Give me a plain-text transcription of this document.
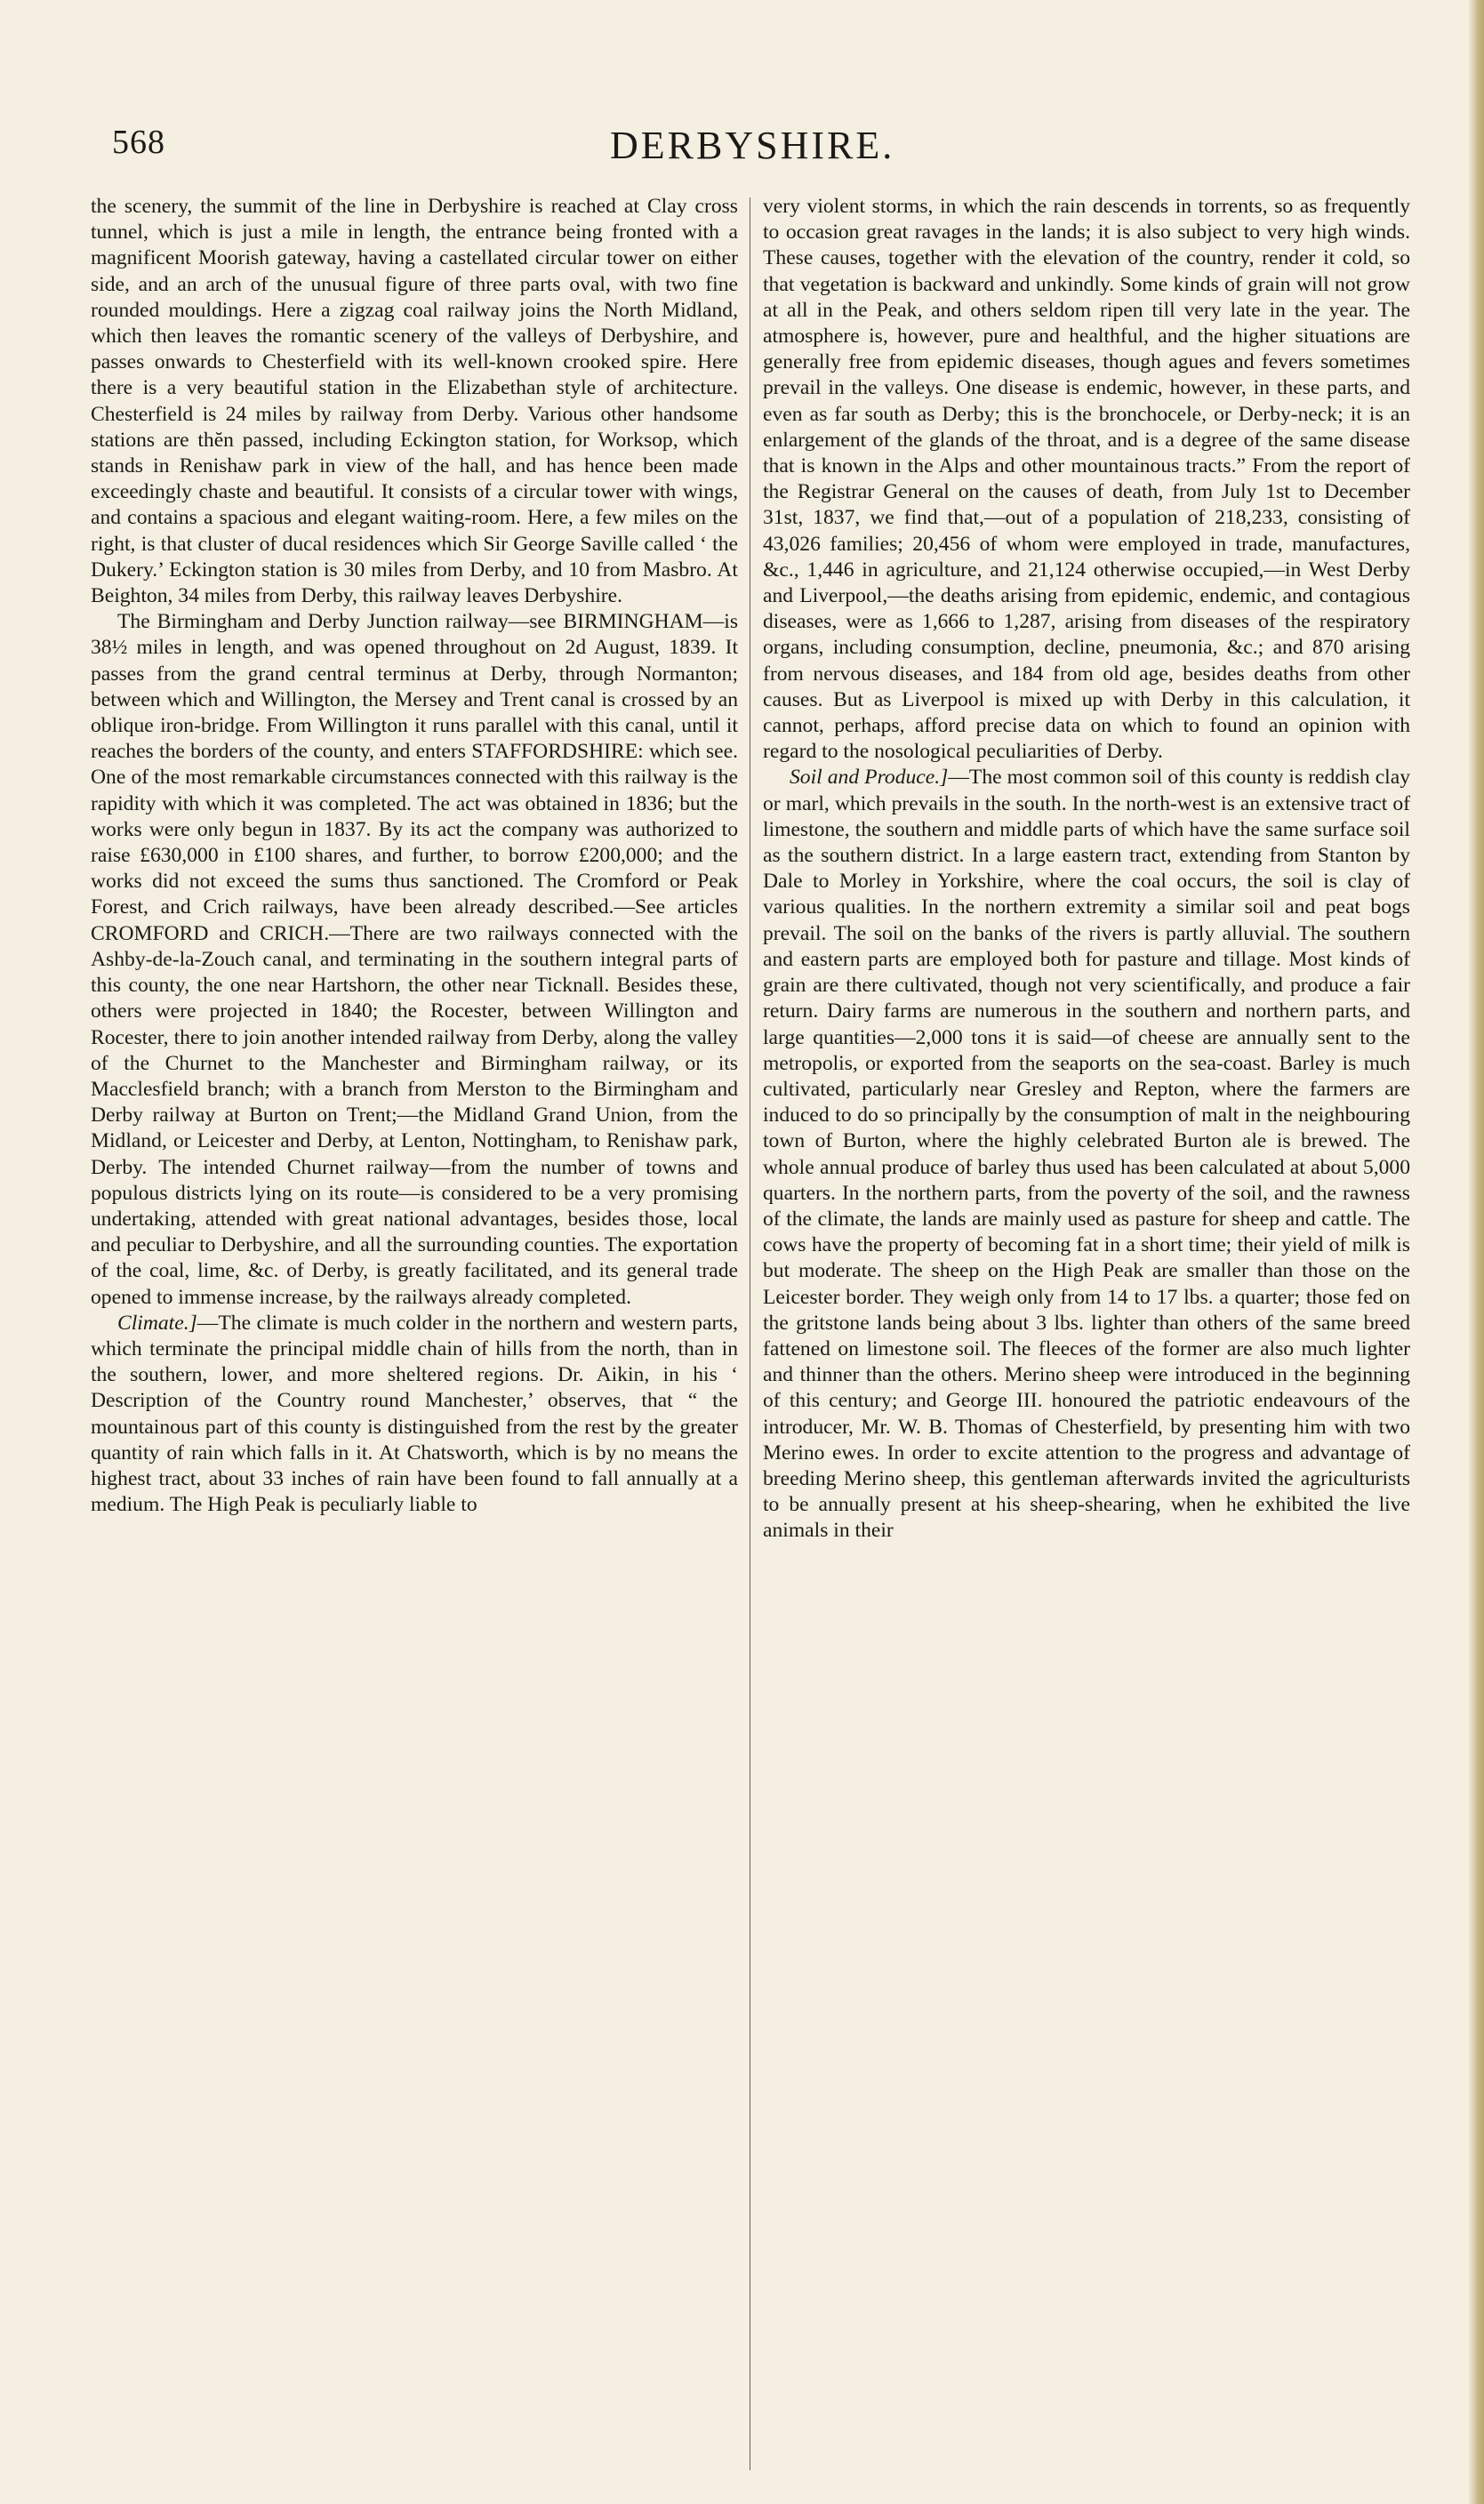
568	DERBYSHIRE.

the scenery, the summit of the line in Derbyshire is reached at Clay cross tunnel, which is just a mile in length, the entrance being fronted with a magnificent Moorish gateway, having a castellated circular tower on either side, and an arch of the unusual figure of three parts oval, with two fine rounded mouldings. Here a zigzag coal railway joins the North Midland, which then leaves the romantic scenery of the valleys of Derbyshire, and passes onwards to Chesterfield with its well-known crooked spire. Here there is a very beautiful station in the Elizabethan style of architecture. Chesterfield is 24 miles by railway from Derby. Various other handsome stations are thĕn passed, including Eckington station, for Worksop, which stands in Renishaw park in view of the hall, and has hence been made exceedingly chaste and beautiful. It consists of a circular tower with wings, and contains a spacious and elegant waiting-room. Here, a few miles on the right, is that cluster of ducal residences which Sir George Saville called ‘ the Dukery.’ Eckington station is 30 miles from Derby, and 10 from Masbro. At Beighton, 34 miles from Derby, this railway leaves Derbyshire.

The Birmingham and Derby Junction railway—see BIRMINGHAM—is 38½ miles in length, and was opened throughout on 2d August, 1839. It passes from the grand central terminus at Derby, through Normanton; between which and Willington, the Mersey and Trent canal is crossed by an oblique iron-bridge. From Willington it runs parallel with this canal, until it reaches the borders of the county, and enters STAFFORDSHIRE: which see. One of the most remarkable circumstances connected with this railway is the rapidity with which it was completed. The act was obtained in 1836; but the works were only begun in 1837. By its act the company was authorized to raise £630,000 in £100 shares, and further, to borrow £200,000; and the works did not exceed the sums thus sanctioned. The Cromford or Peak Forest, and Crich railways, have been already described.—See articles CROMFORD and CRICH.—There are two railways connected with the Ashby-de-la-Zouch canal, and terminating in the southern integral parts of this county, the one near Hartshorn, the other near Ticknall. Besides these, others were projected in 1840; the Rocester, between Willington and Rocester, there to join another intended railway from Derby, along the valley of the Churnet to the Manchester and Birmingham railway, or its Macclesfield branch; with a branch from Merston to the Birmingham and Derby railway at Burton on Trent;—the Midland Grand Union, from the Midland, or Leicester and Derby, at Lenton, Nottingham, to Renishaw park, Derby. The intended Churnet railway—from the number of towns and populous districts lying on its route—is considered to be a very promising undertaking, attended with great national advantages, besides those, local and peculiar to Derbyshire, and all the surrounding counties. The exportation of the coal, lime, &c. of Derby, is greatly facilitated, and its general trade opened to immense increase, by the railways already completed.

Climate.]—The climate is much colder in the northern and western parts, which terminate the principal middle chain of hills from the north, than in the southern, lower, and more sheltered regions. Dr. Aikin, in his ‘ Description of the Country round Manchester,’ observes, that “ the mountainous part of this county is distinguished from the rest by the greater quantity of rain which falls in it. At Chatsworth, which is by no means the highest tract, about 33 inches of rain have been found to fall annually at a medium. The High Peak is peculiarly liable to

very violent storms, in which the rain descends in torrents, so as frequently to occasion great ravages in the lands; it is also subject to very high winds. These causes, together with the elevation of the country, render it cold, so that vegetation is backward and unkindly. Some kinds of grain will not grow at all in the Peak, and others seldom ripen till very late in the year. The atmosphere is, however, pure and healthful, and the higher situations are generally free from epidemic diseases, though agues and fevers sometimes prevail in the valleys. One disease is endemic, however, in these parts, and even as far south as Derby; this is the bronchocele, or Derby-neck; it is an enlargement of the glands of the throat, and is a degree of the same disease that is known in the Alps and other mountainous tracts.” From the report of the Registrar General on the causes of death, from July 1st to December 31st, 1837, we find that,—out of a population of 218,233, consisting of 43,026 families; 20,456 of whom were employed in trade, manufactures, &c., 1,446 in agriculture, and 21,124 otherwise occupied,—in West Derby and Liverpool,—the deaths arising from epidemic, endemic, and contagious diseases, were as 1,666 to 1,287, arising from diseases of the respiratory organs, including consumption, decline, pneumonia, &c.; and 870 arising from nervous diseases, and 184 from old age, besides deaths from other causes. But as Liverpool is mixed up with Derby in this calculation, it cannot, perhaps, afford precise data on which to found an opinion with regard to the nosological peculiarities of Derby.

Soil and Produce.]—The most common soil of this county is reddish clay or marl, which prevails in the south. In the north-west is an extensive tract of limestone, the southern and middle parts of which have the same surface soil as the southern district. In a large eastern tract, extending from Stanton by Dale to Morley in Yorkshire, where the coal occurs, the soil is clay of various qualities. In the northern extremity a similar soil and peat bogs prevail. The soil on the banks of the rivers is partly alluvial. The southern and eastern parts are employed both for pasture and tillage. Most kinds of grain are there cultivated, though not very scientifically, and produce a fair return. Dairy farms are numerous in the southern and northern parts, and large quantities—2,000 tons it is said—of cheese are annually sent to the metropolis, or exported from the seaports on the sea-coast. Barley is much cultivated, particularly near Gresley and Repton, where the farmers are induced to do so principally by the consumption of malt in the neighbouring town of Burton, where the highly celebrated Burton ale is brewed. The whole annual produce of barley thus used has been calculated at about 5,000 quarters. In the northern parts, from the poverty of the soil, and the rawness of the climate, the lands are mainly used as pasture for sheep and cattle. The cows have the property of becoming fat in a short time; their yield of milk is but moderate. The sheep on the High Peak are smaller than those on the Leicester border. They weigh only from 14 to 17 lbs. a quarter; those fed on the gritstone lands being about 3 lbs. lighter than others of the same breed fattened on limestone soil. The fleeces of the former are also much lighter and thinner than the others. Merino sheep were introduced in the beginning of this century; and George III. honoured the patriotic endeavours of the introducer, Mr. W. B. Thomas of Chesterfield, by presenting him with two Merino ewes. In order to excite attention to the progress and advantage of breeding Merino sheep, this gentleman afterwards invited the agriculturists to be annually present at his sheep-shearing, when he exhibited the live animals in their
